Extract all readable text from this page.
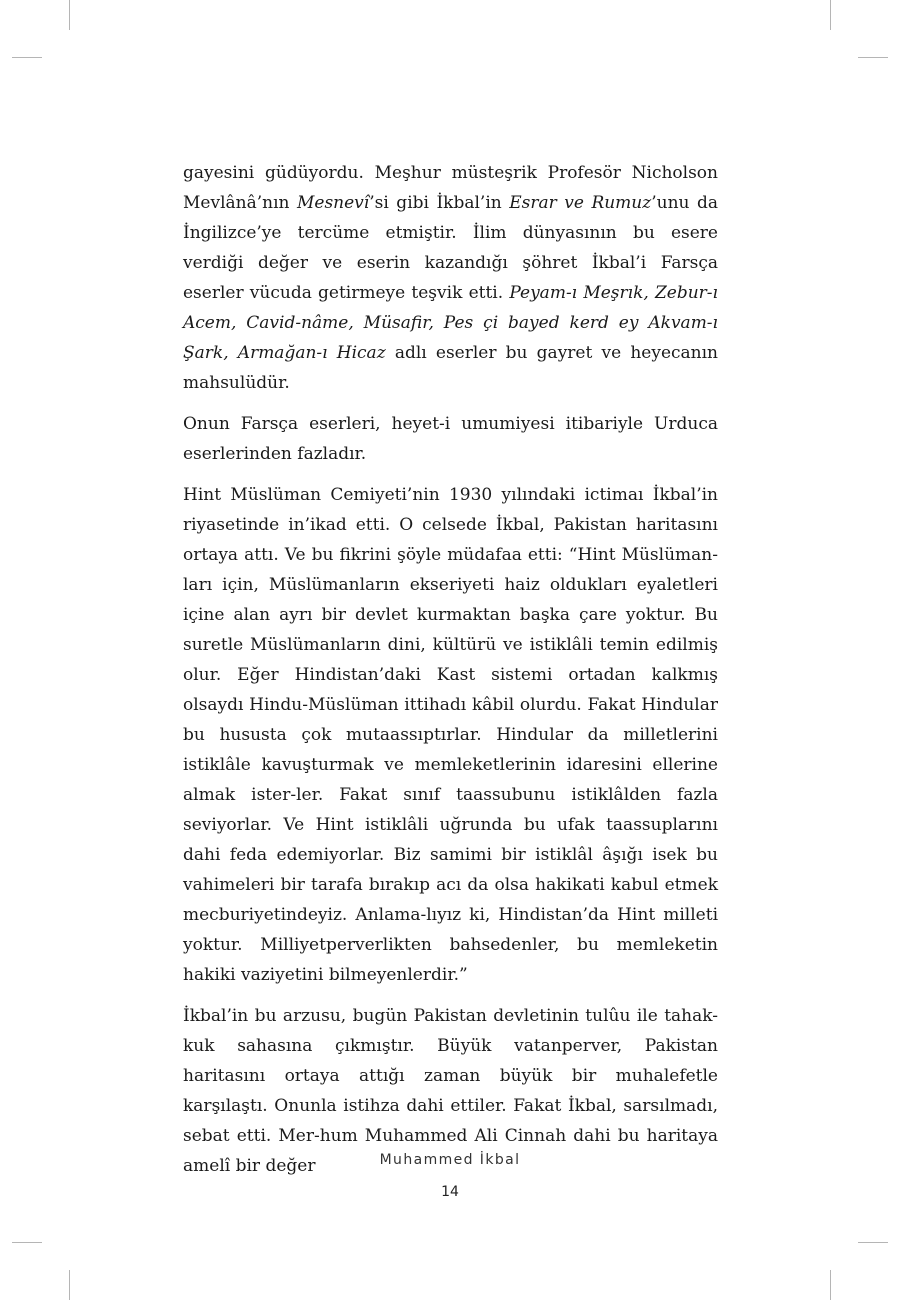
gayesini güdüyordu. Meşhur müsteşrik Profesör Nicholson Mevlânâ’nın Mesnevî’si gibi İkbal’in Esrar ve Rumuz’unu da İngilizce’ye tercüme etmiştir. İlim dünyasının bu esere verdiği değer ve eserin kazandığı şöhret İkbal’i Farsça eserler vücuda getirmeye teşvik etti. Peyam-ı Meşrık, Zebur-ı Acem, Cavid-nâme, Müsafir, Pes çi bayed kerd ey Akvam-ı Şark, Armağan-ı Hicaz adlı eserler bu gayret ve heyecanın mahsulüdür.

Onun Farsça eserleri, heyet-i umumiyesi itibariyle Urduca eserlerinden fazladır.

Hint Müslüman Cemiyeti’nin 1930 yılındaki ictimaı İkbal’in riyasetinde in’ikad etti. O celsede İkbal, Pakistan haritasını ortaya attı. Ve bu fikrini şöyle müdafaa etti: “Hint Müslüman-ları için, Müslümanların ekseriyeti haiz oldukları eyaletleri içine alan ayrı bir devlet kurmaktan başka çare yoktur. Bu suretle Müslümanların dini, kültürü ve istiklâli temin edilmiş olur. Eğer Hindistan’daki Kast sistemi ortadan kalkmış olsaydı Hindu-Müslüman ittihadı kâbil olurdu. Fakat Hindular bu hususta çok mutaassıptırlar. Hindular da milletlerini istiklâle kavuşturmak ve memleketlerinin idaresini ellerine almak ister-ler. Fakat sınıf taassubunu istiklâlden fazla seviyorlar. Ve Hint istiklâli uğrunda bu ufak taassuplarını dahi feda edemiyorlar. Biz samimi bir istiklâl âşığı isek bu vahimeleri bir tarafa bırakıp acı da olsa hakikati kabul etmek mecburiyetindeyiz. Anlama-lıyız ki, Hindistan’da Hint milleti yoktur. Milliyetperverlikten bahsedenler, bu memleketin hakiki vaziyetini bilmeyenlerdir.”

İkbal’in bu arzusu, bugün Pakistan devletinin tulûu ile tahak-kuk sahasına çıkmıştır. Büyük vatanperver, Pakistan haritasını ortaya attığı zaman büyük bir muhalefetle karşılaştı. Onunla istihza dahi ettiler. Fakat İkbal, sarsılmadı, sebat etti. Mer-hum Muhammed Ali Cinnah dahi bu haritaya amelî bir değer	Muhammed İkbal
14
